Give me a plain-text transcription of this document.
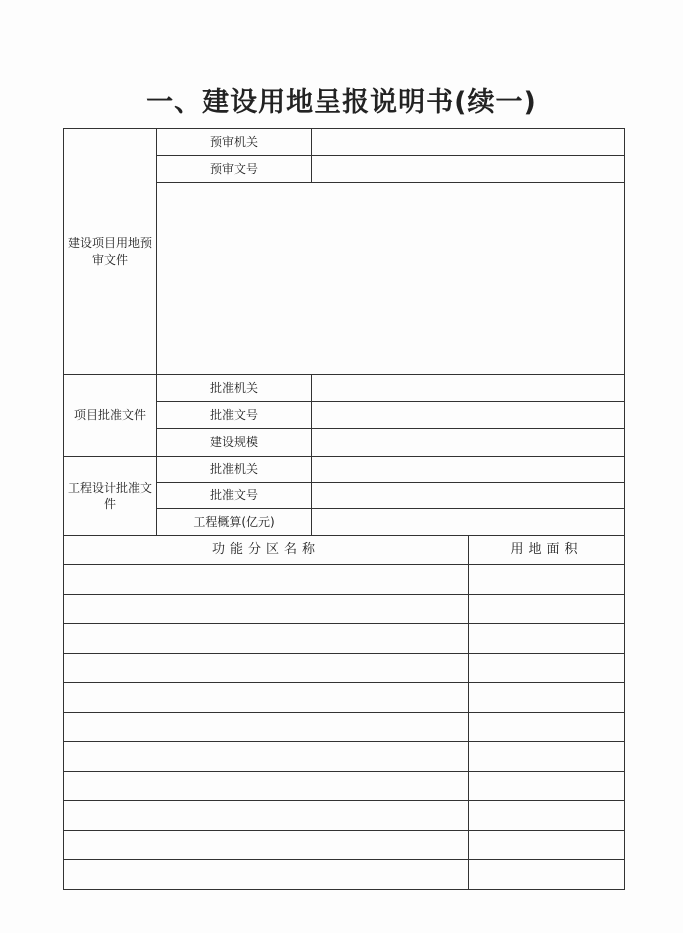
一、建设用地呈报说明书(续一)
建设项目用地预审文件	预审机关		
	预审文号		

项目批准文件	批准机关		
	批准文号		
	建设规模		
工程设计批准文件	批准机关		
	批准文号		
	工程概算(亿元)		
功能分区名称			用地面积
